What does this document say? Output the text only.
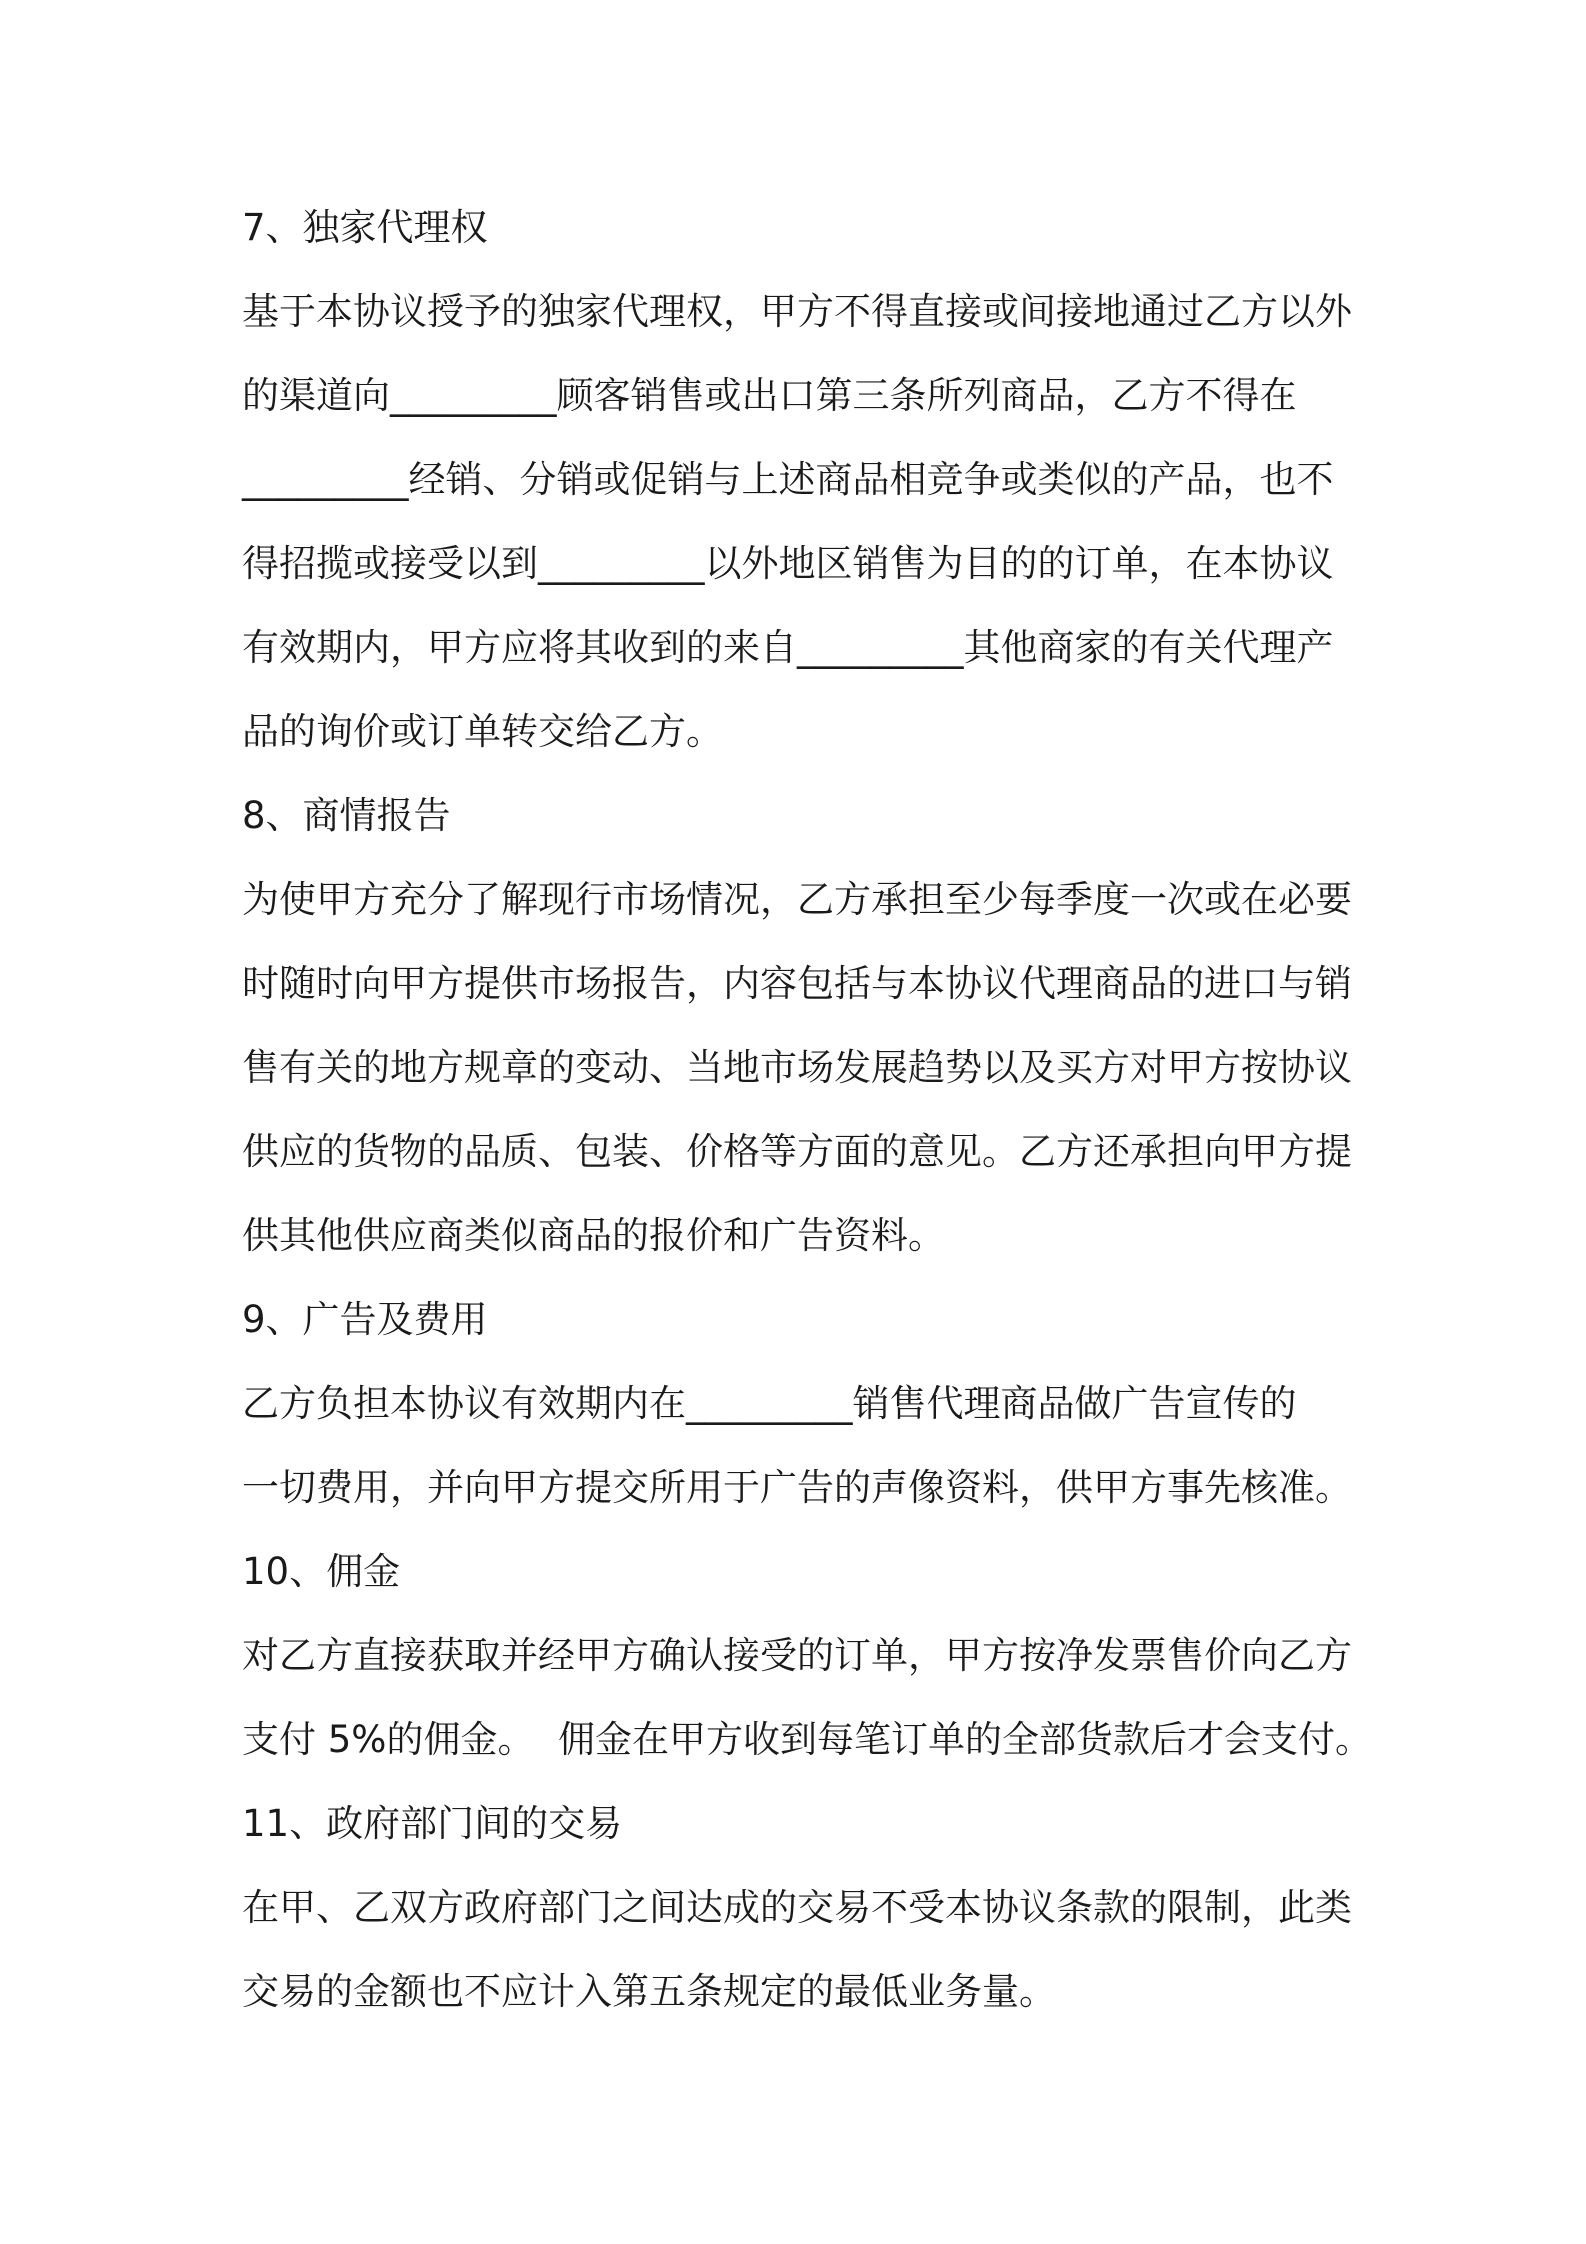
7、独家代理权
基于本协议授予的独家代理权，甲方不得直接或间接地通过乙方以外
的渠道向_________顾客销售或出口第三条所列商品，乙方不得在
_________经销、分销或促销与上述商品相竞争或类似的产品，也不
得招揽或接受以到_________以外地区销售为目的的订单，在本协议
有效期内，甲方应将其收到的来自_________其他商家的有关代理产
品的询价或订单转交给乙方。
8、商情报告
为使甲方充分了解现行市场情况，乙方承担至少每季度一次或在必要
时随时向甲方提供市场报告，内容包括与本协议代理商品的进口与销
售有关的地方规章的变动、当地市场发展趋势以及买方对甲方按协议
供应的货物的品质、包装、价格等方面的意见。乙方还承担向甲方提
供其他供应商类似商品的报价和广告资料。
9、广告及费用
乙方负担本协议有效期内在_________销售代理商品做广告宣传的
一切费用，并向甲方提交所用于广告的声像资料，供甲方事先核准。
10、佣金
对乙方直接获取并经甲方确认接受的订单，甲方按净发票售价向乙方
支付 5%的佣金。  佣金在甲方收到每笔订单的全部货款后才会支付。
11、政府部门间的交易
在甲、乙双方政府部门之间达成的交易不受本协议条款的限制，此类
交易的金额也不应计入第五条规定的最低业务量。
